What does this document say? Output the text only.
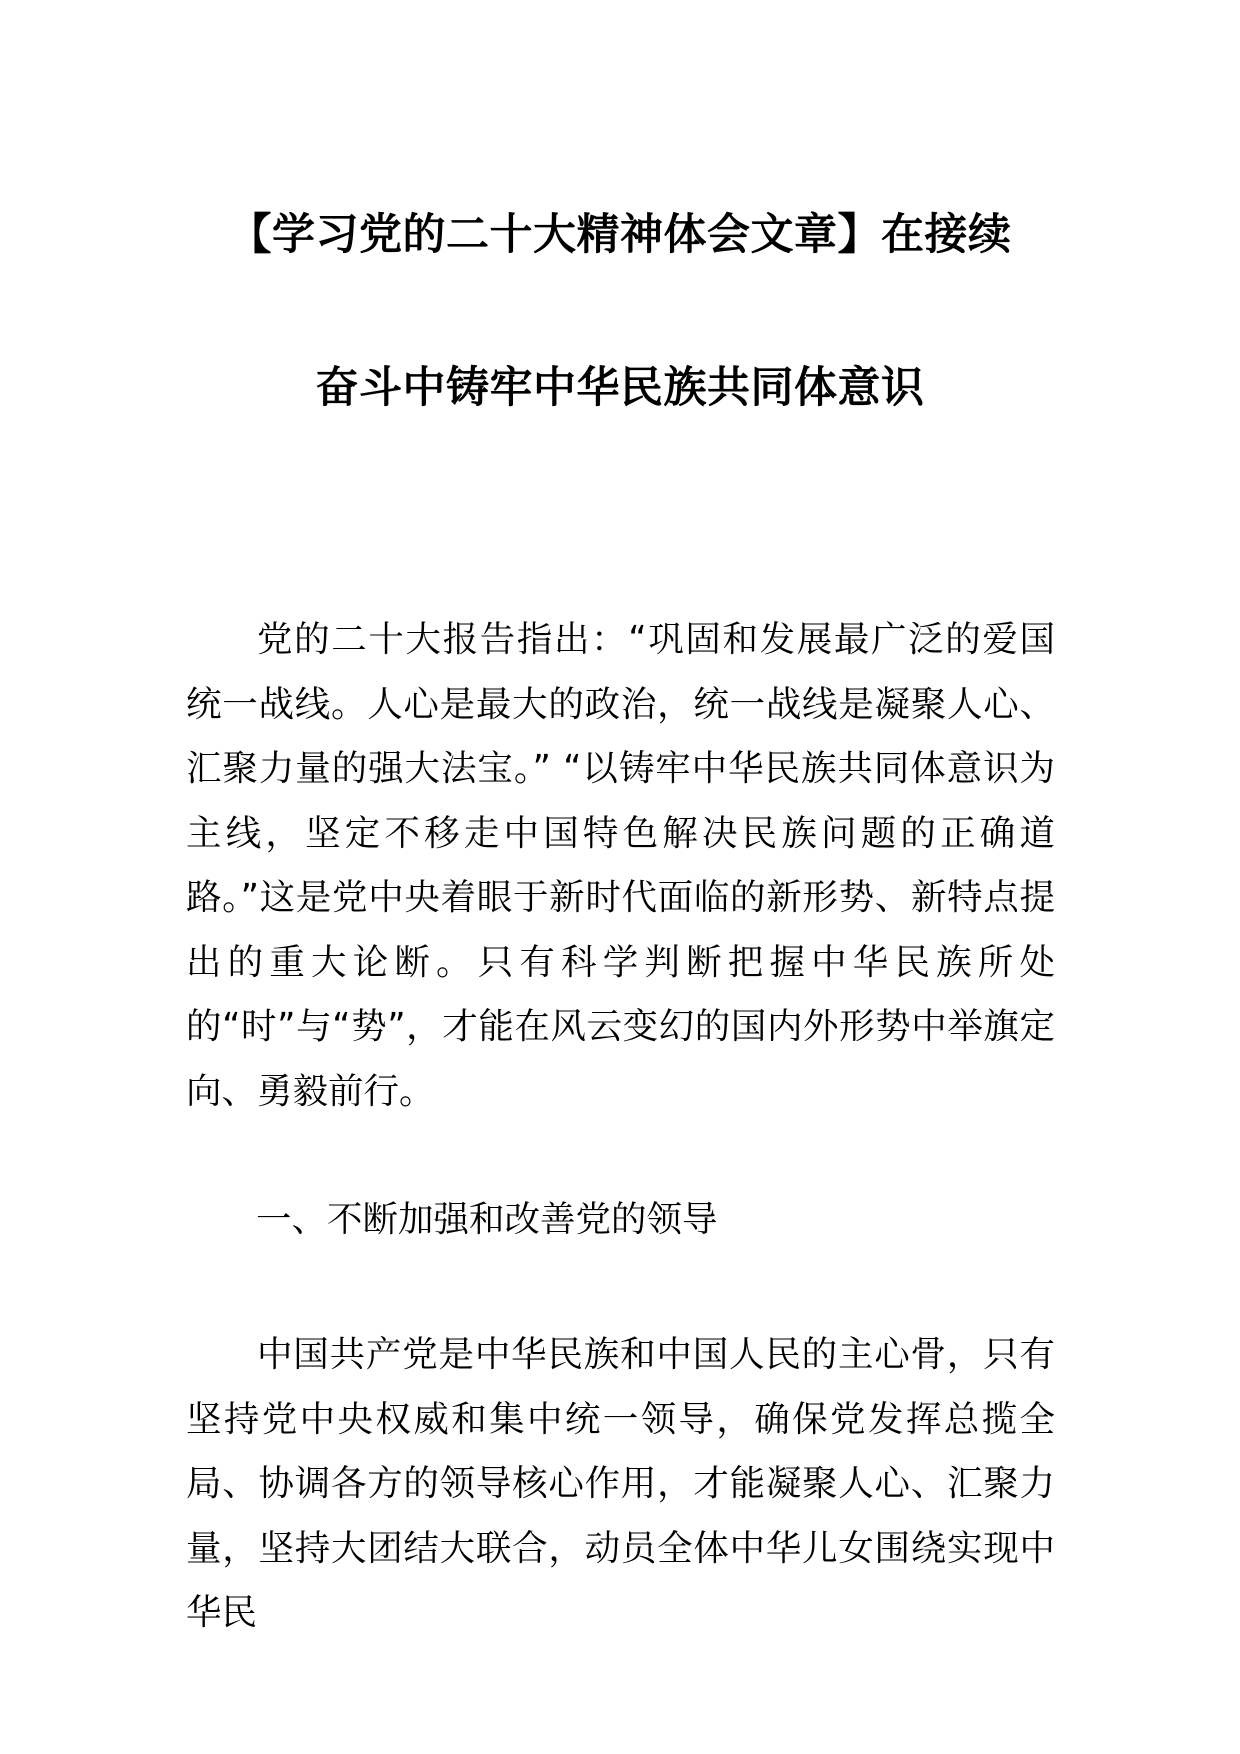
【学习党的二十大精神体会文章】在接续
奋斗中铸牢中华民族共同体意识

党的二十大报告指出：“巩固和发展最广泛的爱国统一战线。人心是最大的政治，统一战线是凝聚人心、汇聚力量的强大法宝。” “以铸牢中华民族共同体意识为主线，坚定不移走中国特色解决民族问题的正确道路。”这是党中央着眼于新时代面临的新形势、新特点提出的重大论断。只有科学判断把握中华民族所处的“时”与“势”，才能在风云变幻的国内外形势中举旗定向、勇毅前行。

一、不断加强和改善党的领导

中国共产党是中华民族和中国人民的主心骨，只有坚持党中央权威和集中统一领导，确保党发挥总揽全局、协调各方的领导核心作用，才能凝聚人心、汇聚力量，坚持大团结大联合，动员全体中华儿女围绕实现中华民
